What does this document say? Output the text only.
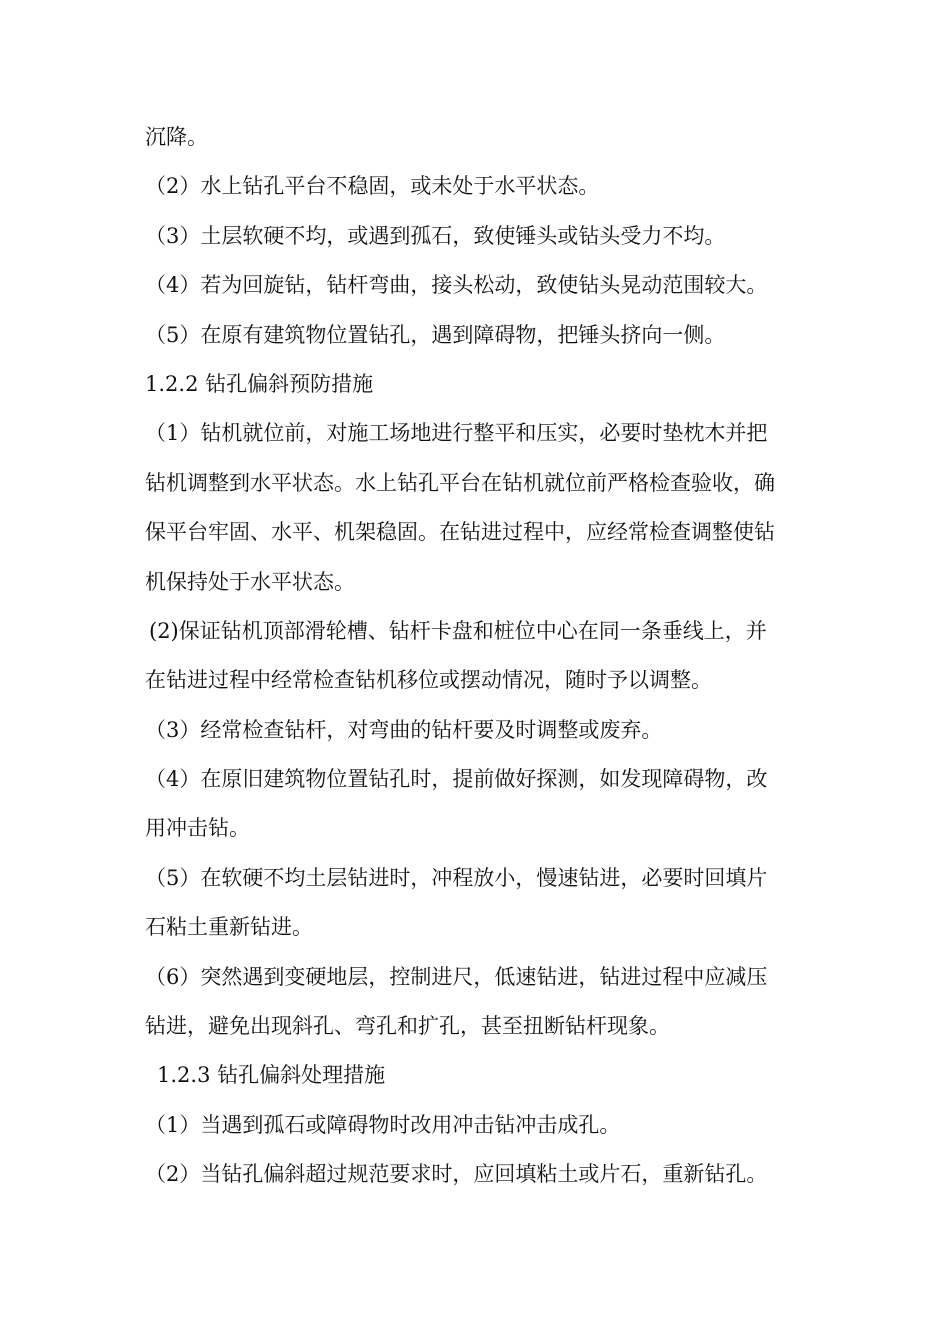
沉降。
（2）水上钻孔平台不稳固，或未处于水平状态。
（3）土层软硬不均，或遇到孤石，致使锤头或钻头受力不均。
（4）若为回旋钻，钻杆弯曲，接头松动，致使钻头晃动范围较大。
（5）在原有建筑物位置钻孔，遇到障碍物，把锤头挤向一侧。
1.2.2 钻孔偏斜预防措施
（1）钻机就位前，对施工场地进行整平和压实，必要时垫枕木并把
钻机调整到水平状态。水上钻孔平台在钻机就位前严格检查验收，确
保平台牢固、水平、机架稳固。在钻进过程中，应经常检查调整使钻
机保持处于水平状态。
(2)保证钻机顶部滑轮槽、钻杆卡盘和桩位中心在同一条垂线上，并
在钻进过程中经常检查钻机移位或摆动情况，随时予以调整。
（3）经常检查钻杆，对弯曲的钻杆要及时调整或废弃。
（4）在原旧建筑物位置钻孔时，提前做好探测，如发现障碍物，改
用冲击钻。
（5）在软硬不均土层钻进时，冲程放小，慢速钻进，必要时回填片
石粘土重新钻进。
（6）突然遇到变硬地层，控制进尺，低速钻进，钻进过程中应减压
钻进，避免出现斜孔、弯孔和扩孔，甚至扭断钻杆现象。
1.2.3 钻孔偏斜处理措施
（1）当遇到孤石或障碍物时改用冲击钻冲击成孔。
（2）当钻孔偏斜超过规范要求时，应回填粘土或片石，重新钻孔。
